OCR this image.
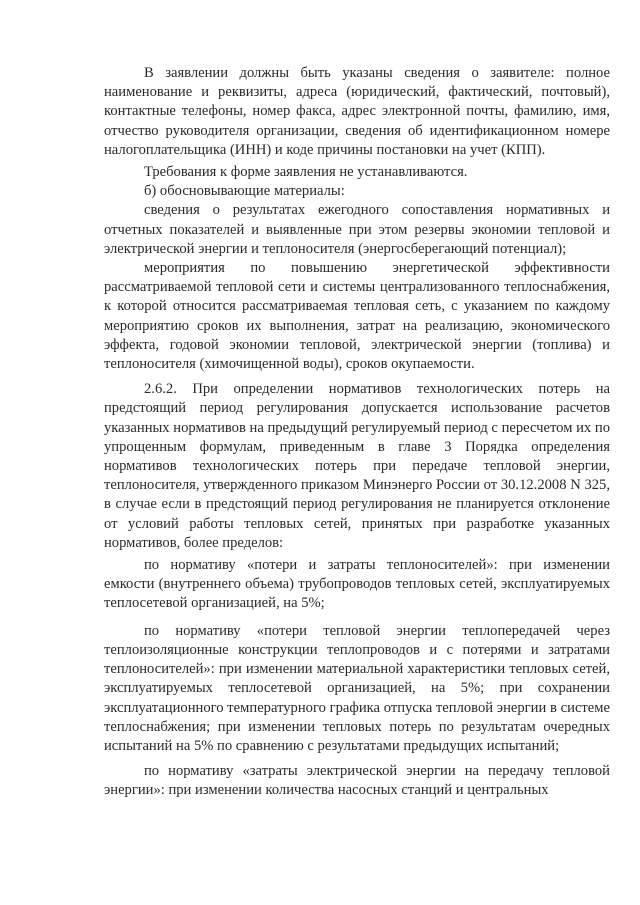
В заявлении должны быть указаны сведения о заявителе: полное наименование и реквизиты, адреса (юридический, фактический, почтовый), контактные телефоны, номер факса, адрес электронной почты, фамилию, имя, отчество руководителя организации, сведения об идентификационном номере налогоплательщика (ИНН) и коде причины постановки на учет (КПП).

Требования к форме заявления не устанавливаются.

б) обосновывающие материалы:

сведения о результатах ежегодного сопоставления нормативных и отчетных показателей и выявленные при этом резервы экономии тепловой и электрической энергии и теплоносителя (энергосберегающий потенциал);

мероприятия по повышению энергетической эффективности рассматриваемой тепловой сети и системы централизованного теплоснабжения, к которой относится рассматриваемая тепловая сеть, с указанием по каждому мероприятию сроков их выполнения, затрат на реализацию, экономического эффекта, годовой экономии тепловой, электрической энергии (топлива) и теплоносителя (химочищенной воды), сроков окупаемости.

2.6.2. При определении нормативов технологических потерь на предстоящий период регулирования допускается использование расчетов указанных нормативов на предыдущий регулируемый период с пересчетом их по упрощенным формулам, приведенным в главе 3 Порядка определения нормативов технологических потерь при передаче тепловой энергии, теплоносителя, утвержденного приказом Минэнерго России от 30.12.2008 N 325, в случае если в предстоящий период регулирования не планируется отклонение от условий работы тепловых сетей, принятых при разработке указанных нормативов, более пределов:

по нормативу «потери и затраты теплоносителей»: при изменении емкости (внутреннего объема) трубопроводов тепловых сетей, эксплуатируемых теплосетевой организацией, на 5%;

по нормативу «потери тепловой энергии теплопередачей через теплоизоляционные конструкции теплопроводов и с потерями и затратами теплоносителей»: при изменении материальной характеристики тепловых сетей, эксплуатируемых теплосетевой организацией, на 5%; при сохранении эксплуатационного температурного графика отпуска тепловой энергии в системе теплоснабжения; при изменении тепловых потерь по результатам очередных испытаний на 5% по сравнению с результатами предыдущих испытаний;

по нормативу «затраты электрической энергии на передачу тепловой энергии»: при изменении количества насосных станций и центральных
